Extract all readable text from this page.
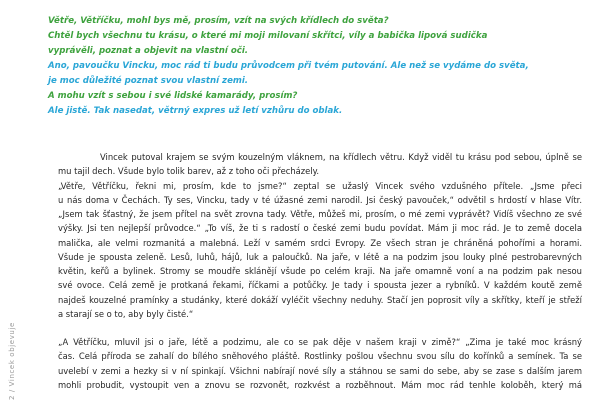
Větře, Větříčku, mohl bys mě, prosím, vzít na svých křídlech do světa?
Chtěl bych všechnu tu krásu, o které mi moji milovaní skřítci, víly a babička lipová sudička
vyprávěli, poznat a objevit na vlastní oči.
Ano, pavoučku Vincku, moc rád ti budu průvodcem při tvém putování. Ale než se vydáme do světa,
je moc důležité poznat svou vlastní zemi.
A mohu vzít s sebou i své lidské kamarády, prosím?
Ale jistě. Tak nasedat, větrný expres už letí vzhůru do oblak.
Vincek putoval krajem se svým kouzelným vláknem, na křídlech větru. Když viděl tu krásu pod sebou, úplně se
mu tajil dech. Všude bylo tolik barev, až z toho oči přecházely.
„Větře, Větříčku, řekni mi, prosím, kde to jsme?“ zeptal se užaslý Vincek svého vzdušného přítele. „Jsme přeci
u nás doma v Čechách. Ty ses, Vincku, tady v té úžasné zemi narodil. Jsi český pavouček,“ odvětil s hrdostí v hlase Vítr.
„Jsem tak šťastný, že jsem přítel na svět zrovna tady. Větře, můžeš mi, prosím, o mé zemi vyprávět? Vidíš všechno ze své
výšky. Jsi ten nejlepší průvodce.“ „To víš, že ti s radostí o české zemi budu povídat. Mám ji moc rád. Je to země docela
malička, ale velmi rozmanitá a malebná. Leží v samém srdci Evropy. Ze všech stran je chráněná pohořími a horami.
Všude je spousta zeleně. Lesů, luhů, hájů, luk a paloučků. Na jaře, v létě a na podzim jsou louky plné pestrobarevných
květin, keřů a bylinek. Stromy se moudře sklánějí všude po celém kraji. Na jaře omamně voní a na podzim pak nesou
své ovoce. Celá země je protkaná řekami, říčkami a potůčky. Je tady i spousta jezer a rybníků. V každém koutě země
najdeš kouzelné pramínky a studánky, které dokáží vyléčit všechny neduhy. Stačí jen poprosit víly a skřítky, kteří je střeží
a starají se o to, aby byly čisté.“
„A Větříčku, mluvil jsi o jaře, létě a podzimu, ale co se pak děje v našem kraji v zimě?“ „Zima je také moc krásný
čas. Celá příroda se zahalí do bílého sněhového pláště. Rostlinky pošlou všechnu svou sílu do kořínků a semínek. Ta se
uvelebí v zemi a hezky si v ní spinkají. Všichni nabírají nové síly a stáhnou se sami do sebe, aby se zase s dalším jarem
mohli probudit, vystoupit ven a znovu se rozvonět, rozkvést a rozběhnout. Mám moc rád tenhle koloběh, který má
2 / Vincek objevuje
